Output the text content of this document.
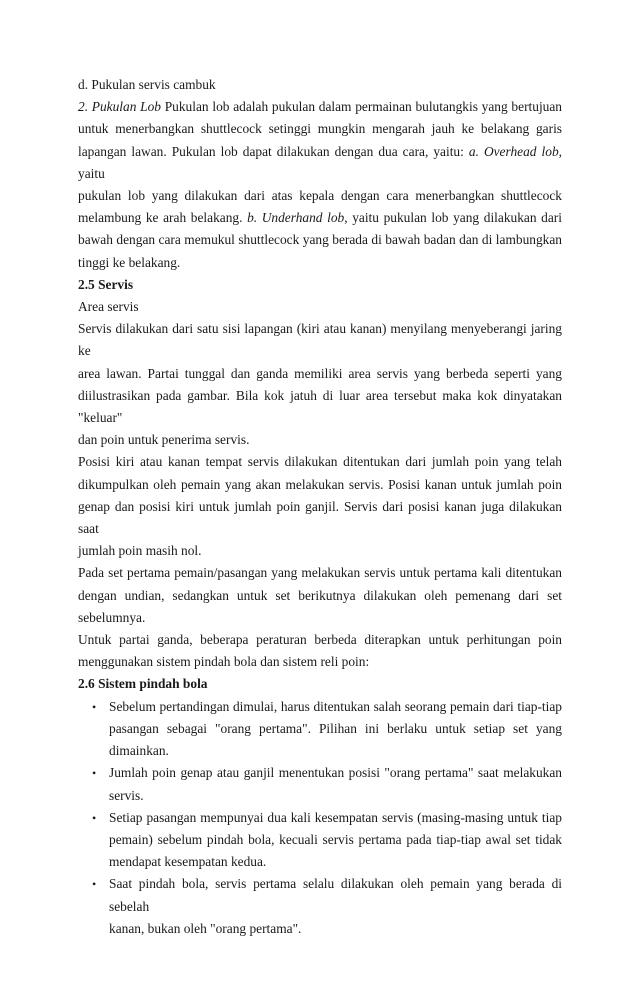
d. Pukulan servis cambuk
2. Pukulan Lob Pukulan lob adalah pukulan dalam permainan bulutangkis yang bertujuan
untuk menerbangkan shuttlecock setinggi mungkin mengarah jauh ke belakang garis
lapangan lawan. Pukulan lob dapat dilakukan dengan dua cara, yaitu: a. Overhead lob, yaitu
pukulan lob yang dilakukan dari atas kepala dengan cara menerbangkan shuttlecock
melambung ke arah belakang. b. Underhand lob, yaitu pukulan lob yang dilakukan dari
bawah dengan cara memukul shuttlecock yang berada di bawah badan dan di lambungkan
tinggi ke belakang.
2.5 Servis
Area servis
Servis dilakukan dari satu sisi lapangan (kiri atau kanan) menyilang menyeberangi jaring ke
area lawan. Partai tunggal dan ganda memiliki area servis yang berbeda seperti yang
diilustrasikan pada gambar. Bila kok jatuh di luar area tersebut maka kok dinyatakan "keluar"
dan poin untuk penerima servis.
Posisi kiri atau kanan tempat servis dilakukan ditentukan dari jumlah poin yang telah
dikumpulkan oleh pemain yang akan melakukan servis. Posisi kanan untuk jumlah poin
genap dan posisi kiri untuk jumlah poin ganjil. Servis dari posisi kanan juga dilakukan saat
jumlah poin masih nol.
Pada set pertama pemain/pasangan yang melakukan servis untuk pertama kali ditentukan
dengan undian, sedangkan untuk set berikutnya dilakukan oleh pemenang dari set
sebelumnya.
Untuk partai ganda, beberapa peraturan berbeda diterapkan untuk perhitungan poin
menggunakan sistem pindah bola dan sistem reli poin:
2.6 Sistem pindah bola
• Sebelum pertandingan dimulai, harus ditentukan salah seorang pemain dari tiap-tiap
pasangan sebagai "orang pertama". Pilihan ini berlaku untuk setiap set yang
dimainkan.
• Jumlah poin genap atau ganjil menentukan posisi "orang pertama" saat melakukan
servis.
• Setiap pasangan mempunyai dua kali kesempatan servis (masing-masing untuk tiap
pemain) sebelum pindah bola, kecuali servis pertama pada tiap-tiap awal set tidak
mendapat kesempatan kedua.
• Saat pindah bola, servis pertama selalu dilakukan oleh pemain yang berada di sebelah
kanan, bukan oleh "orang pertama".
